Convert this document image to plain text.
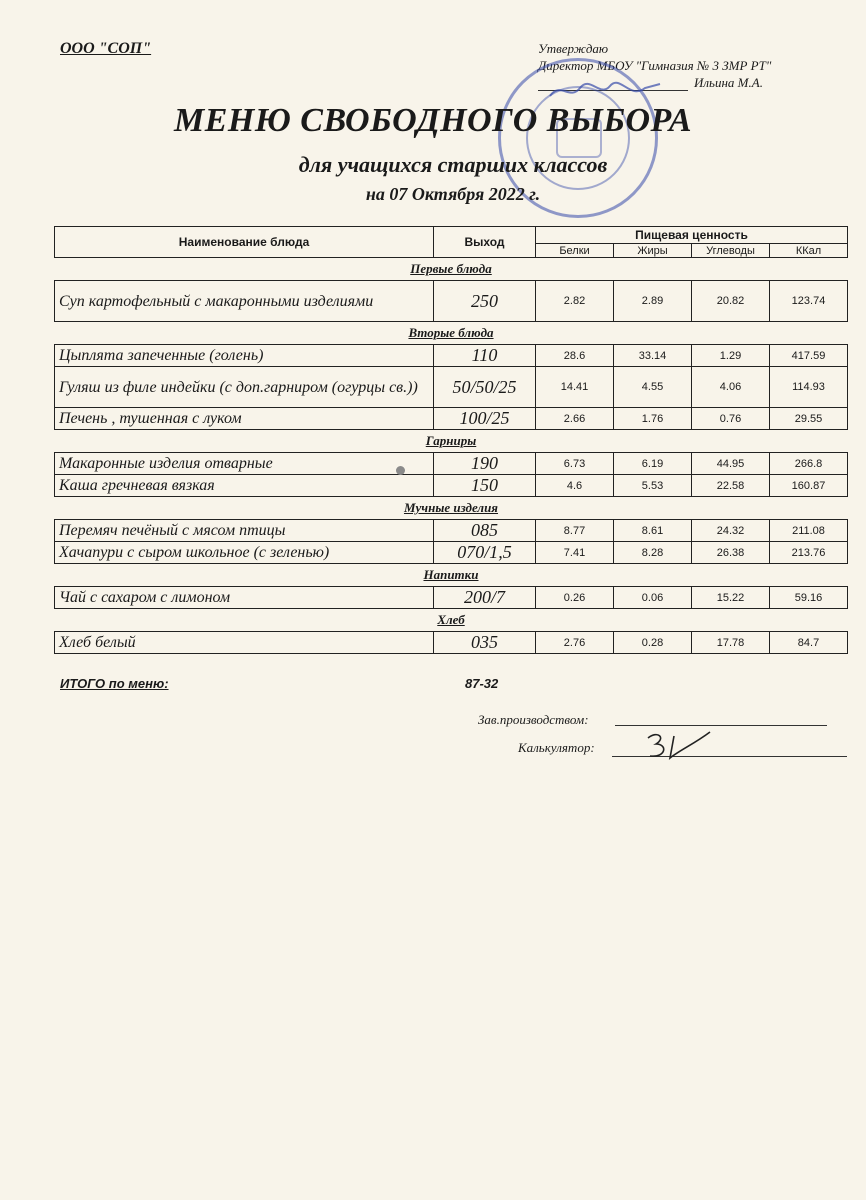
ООО "СОП"	Утверждаю
Директор МБОУ "Гимназия № 3 ЗМР РТ"
Ильина М.А.
МЕНЮ СВОБОДНОГО ВЫБОРА
для учащихся старших классов
на 07 Октября 2022 г.
Наименование блюда	Выход	Пищевая ценность			
		Белки	Жиры	Углеводы	ККал
Первые блюда					
Суп картофельный с макаронными изделиями	250	2.82	2.89	20.82	123.74
Вторые блюда					
Цыплята запеченные (голень)	110	28.6	33.14	1.29	417.59
Гуляш из филе индейки (с доп.гарниром (огурцы св.))	50/50/25	14.41	4.55	4.06	114.93
Печень , тушенная с луком	100/25	2.66	1.76	0.76	29.55
Гарниры					
Макаронные изделия отварные	190	6.73	6.19	44.95	266.8
Каша гречневая вязкая	150	4.6	5.53	22.58	160.87
Мучные изделия					
Перемяч печёный с мясом птицы	085	8.77	8.61	24.32	211.08
Хачапури с сыром школьное (с зеленью)	070/1,5	7.41	8.28	26.38	213.76
Напитки					
Чай с сахаром с лимоном	200/7	0.26	0.06	15.22	59.16
Хлеб					
Хлеб белый	035	2.76	0.28	17.78	84.7
ИТОГО по меню:	87-32
Зав.производством:
Калькулятор:
